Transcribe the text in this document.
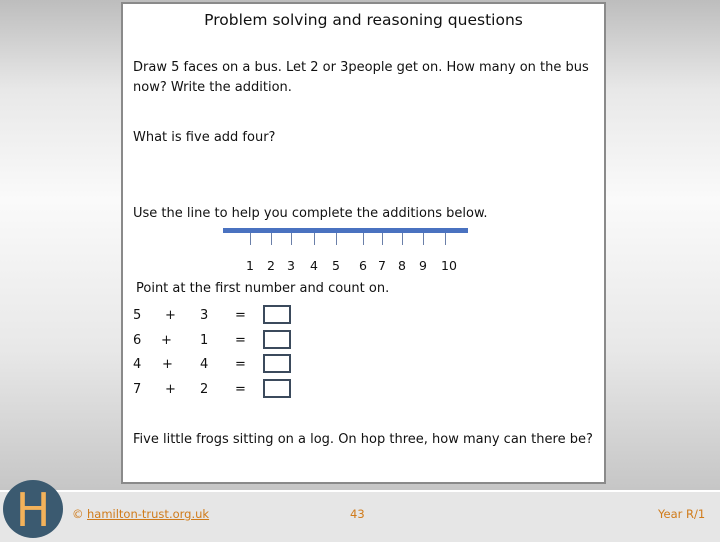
Problem solving and reasoning questions
Draw 5 faces on a bus. Let 2 or 3people get on. How many on the bus
now? Write the addition.
What is five add four?
Use the line to help you complete the additions below.
1 2 3 4 5 6 7 8 9 10
Point at the first number and count on.
5 + 3 =
6 + 1 =
4 + 4 =
7 + 2 =
Five little frogs sitting on a log. On hop three, how many can there be?
H	© hamilton-trust.org.uk	43	Year R/1
